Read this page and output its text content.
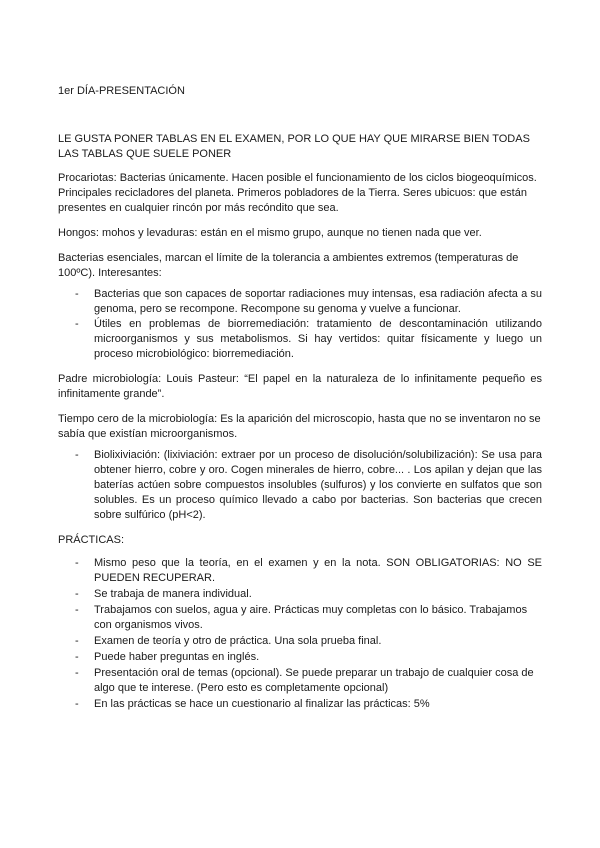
1er DÍA-PRESENTACIÓN

LE GUSTA PONER TABLAS EN EL EXAMEN, POR LO QUE HAY QUE MIRARSE BIEN TODAS LAS TABLAS QUE SUELE PONER

Procariotas: Bacterias únicamente. Hacen posible el funcionamiento de los ciclos biogeoquímicos. Principales recicladores del planeta. Primeros pobladores de la Tierra. Seres ubicuos: que están presentes en cualquier rincón por más recóndito que sea.

Hongos: mohos y levaduras: están en el mismo grupo, aunque no tienen nada que ver.

Bacterias esenciales, marcan el límite de la tolerancia a ambientes extremos (temperaturas de 100ºC). Interesantes:

- Bacterias que son capaces de soportar radiaciones muy intensas, esa radiación afecta a su genoma, pero se recompone. Recompone su genoma y vuelve a funcionar.
- Útiles en problemas de biorremediación: tratamiento de descontaminación utilizando microorganismos y sus metabolismos. Si hay vertidos: quitar físicamente y luego un proceso microbiológico: biorremediación.

Padre microbiología: Louis Pasteur: “El papel en la naturaleza de lo infinitamente pequeño es infinitamente grande”.

Tiempo cero de la microbiología: Es la aparición del microscopio, hasta que no se inventaron no se sabía que existían microorganismos.

- Biolixiviación: (lixiviación: extraer por un proceso de disolución/solubilización): Se usa para obtener hierro, cobre y oro. Cogen minerales de hierro, cobre... . Los apilan y dejan que las baterías actúen sobre compuestos insolubles (sulfuros) y los convierte en sulfatos que son solubles. Es un proceso químico llevado a cabo por bacterias. Son bacterias que crecen sobre sulfúrico (pH<2).
PRÁCTICAS:
- Mismo peso que la teoría, en el examen y en la nota. SON OBLIGATORIAS: NO SE PUEDEN RECUPERAR.
- Se trabaja de manera individual.
- Trabajamos con suelos, agua y aire. Prácticas muy completas con lo básico. Trabajamos con organismos vivos.
- Examen de teoría y otro de práctica. Una sola prueba final.
- Puede haber preguntas en inglés.
- Presentación oral de temas (opcional). Se puede preparar un trabajo de cualquier cosa de algo que te interese. (Pero esto es completamente opcional)
- En las prácticas se hace un cuestionario al finalizar las prácticas: 5%
